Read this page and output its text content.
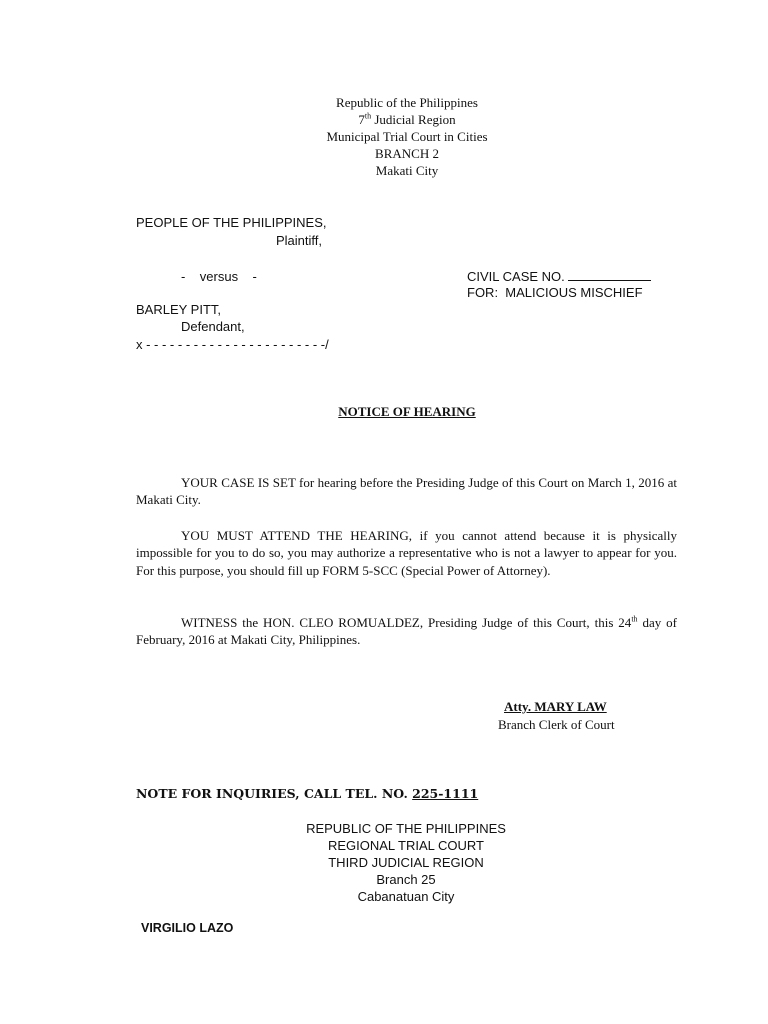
Republic of the Philippines
7th Judicial Region
Municipal Trial Court in Cities
BRANCH 2
Makati City
PEOPLE OF THE PHILIPPINES,
Plaintiff,
-    versus    -	CIVIL CASE NO.
FOR:  MALICIOUS MISCHIEF
BARLEY PITT,
Defendant,
x - - - - - - - - - - - - - - - - - - - - - - -/
NOTICE OF HEARING
YOUR CASE IS SET for hearing before the Presiding Judge of this Court on March 1, 2016 at Makati City.
YOU MUST ATTEND THE HEARING, if you cannot attend because it is physically impossible for you to do so, you may authorize a representative who is not a lawyer to appear for you. For this purpose, you should fill up FORM 5-SCC (Special Power of Attorney).
WITNESS the HON. CLEO ROMUALDEZ, Presiding Judge of this Court, this 24th day of February, 2016 at Makati City, Philippines.
Atty. MARY LAW
Branch Clerk of Court
NOTE FOR INQUIRIES, CALL TEL. NO. 225-1111
REPUBLIC OF THE PHILIPPINES
REGIONAL TRIAL COURT
THIRD JUDICIAL REGION
Branch 25
Cabanatuan City
VIRGILIO LAZO
